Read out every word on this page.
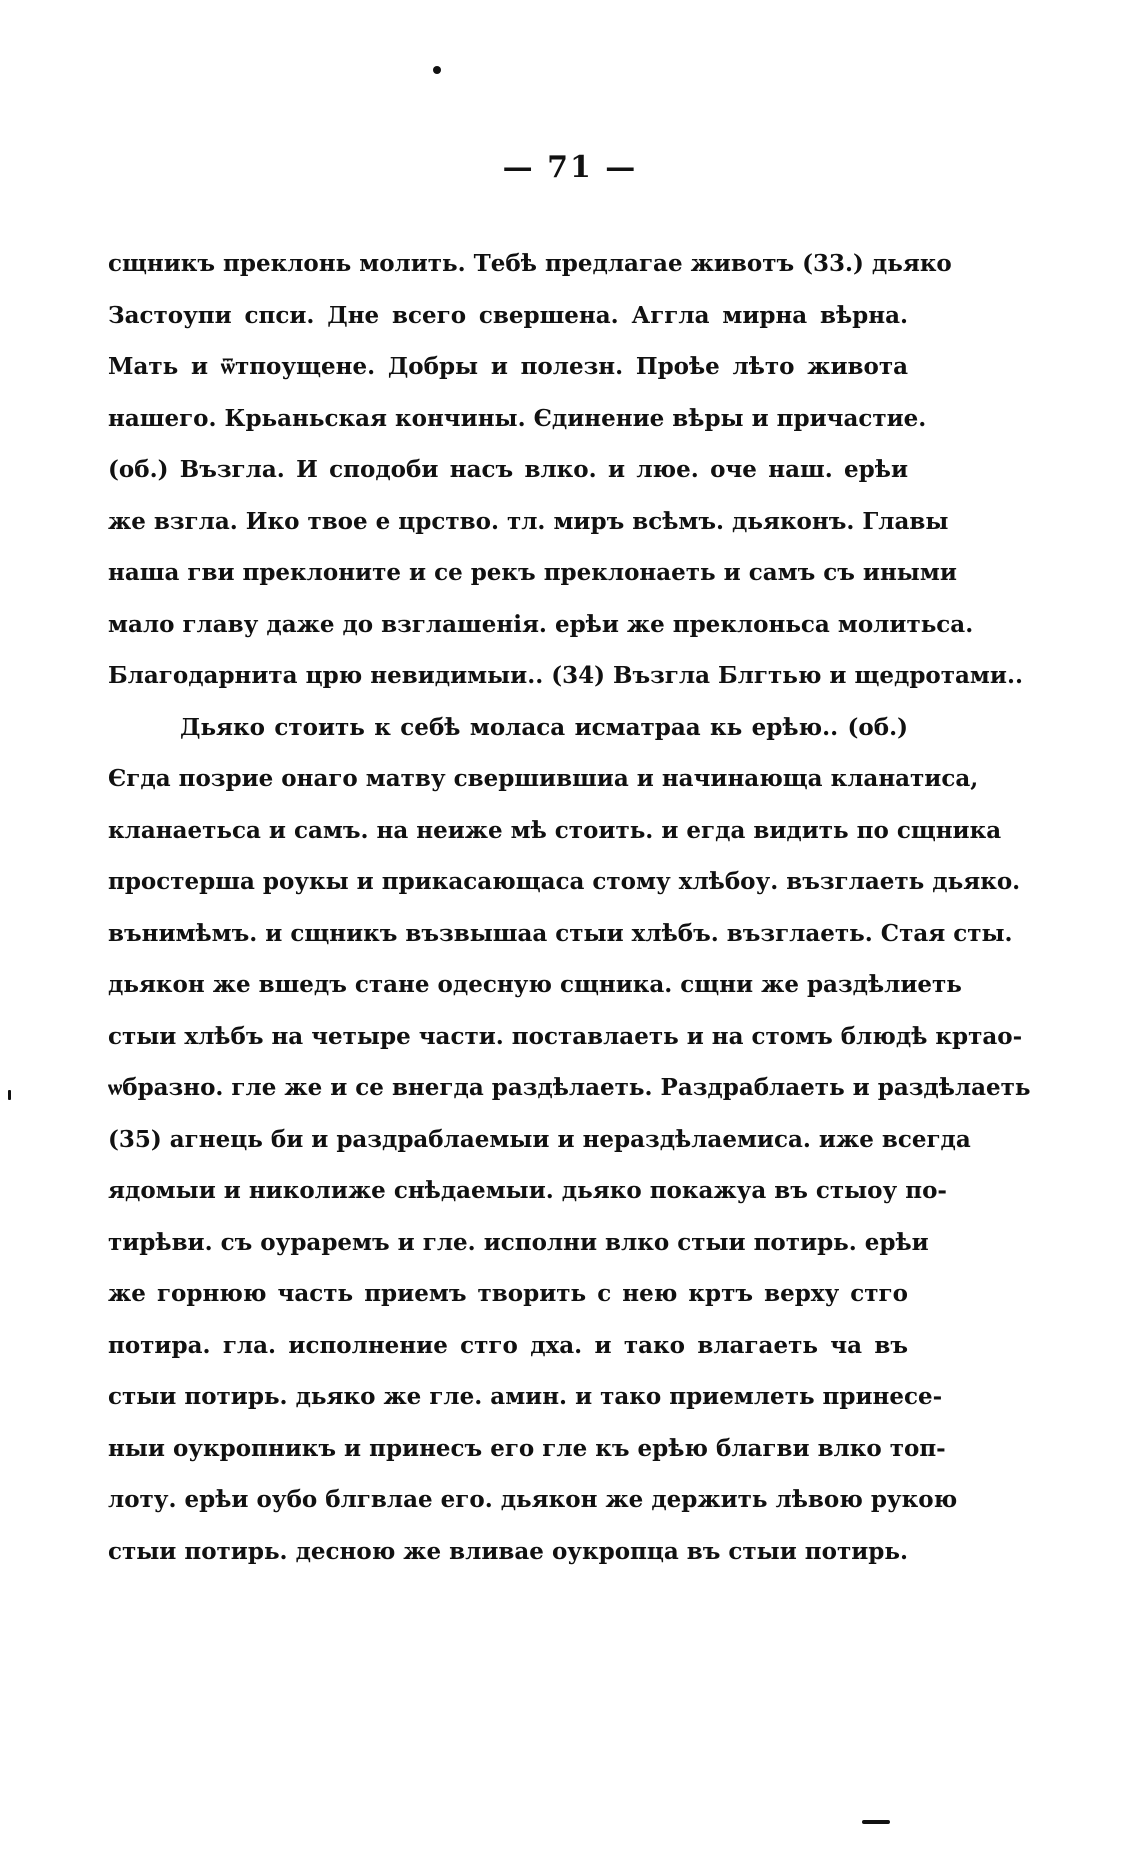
— 71 —
сщникъ преклонь молить. Тебѣ предлагае животъ (33.) дьяко
Застоупи спси. Дне всего свершена. Аггла мирна вѣрна.
Мать и ѿтпоущене. Добры и полезн. Проѣе лѣто живота
нашего. Крьаньская кончины. Єдинение вѣры и причастие.
(об.) Възгла. И сподоби насъ влко. и люе. оче наш. ерѣи
же взгла. Ико твое е црство. тл. миръ всѣмъ. дьяконъ. Главы
наша гви преклоните и се рекъ преклонаеть и самъ съ иными
мало главу даже до взглашенія. ерѣи же преклоньса молитьса.
Благодарнита црю невидимыи.. (34) Възгла Блгтью и щедротами..
Дьяко стоить к себѣ моласа исматраа кь ерѣю.. (об.)
Єгда позрие онаго матву свершившиа и начинающа кланатиса,
кланаетьса и самъ. на неиже мѣ стоить. и егда видить по сщника
простерша роукы и прикасающаса стому хлѣбоу. възглаеть дьяко.
вънимѣмъ. и сщникъ възвышаа стыи хлѣбъ. възглаеть. Стая сты.
дьякон же вшедъ стане одесную сщника. сщни же раздѣлиеть
стыи хлѣбъ на четыре части. поставлаеть и на стомъ блюдѣ кртао-
ѡбразно. гле же и се внегда раздѣлаеть. Раздраблаеть и раздѣлаеть
(35) агнець би и раздраблаемыи и нераздѣлаемиса. иже всегда
ядомыи и николиже снѣдаемыи. дьяко покажуа въ стыоу по-
тирѣви. съ оураремъ и гле. исполни влко стыи потирь. ерѣи
же горнюю часть приемъ творить с нею кртъ верху стго
потира. гла. исполнение стго дха. и тако влагаеть ча въ
стыи потирь. дьяко же гле. амин. и тако приемлеть принесе-
ныи оукропникъ и принесъ его гле къ ерѣю благви влко топ-
лоту. ерѣи оубо блгвлае его. дьякон же держить лѣвою рукою
стыи потирь. десною же вливае оукропца въ стыи потирь.
